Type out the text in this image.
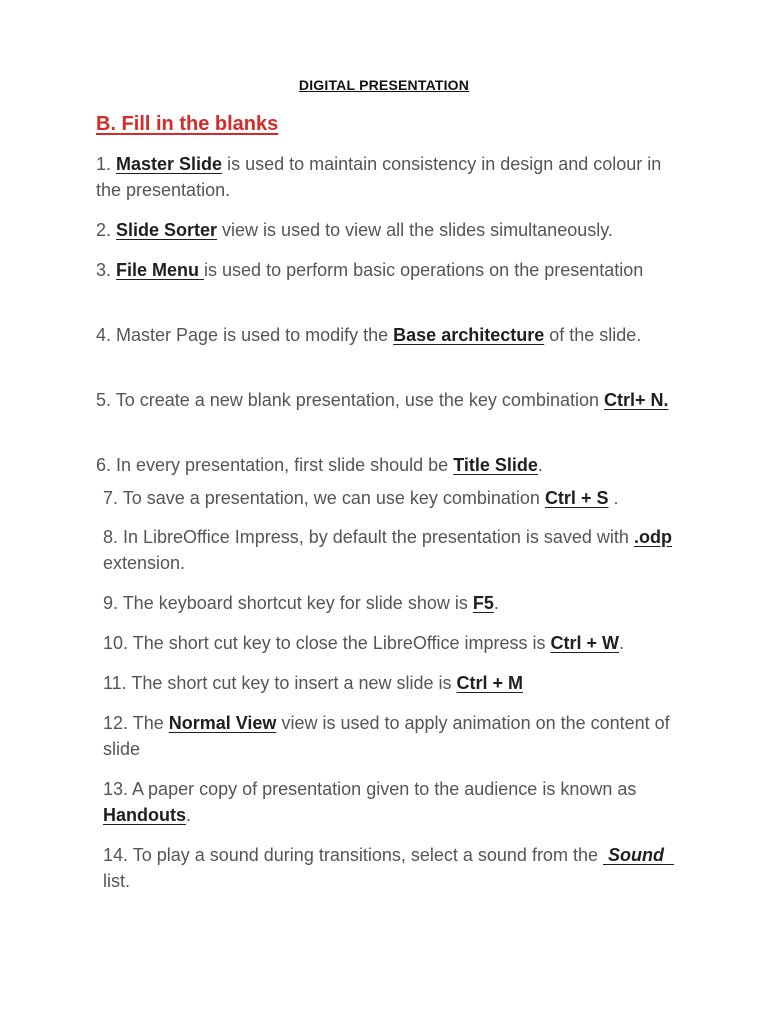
DIGITAL PRESENTATION
B. Fill in the blanks
1. Master Slide is used to maintain consistency in design and colour in the presentation.
2. Slide Sorter view is used to view all the slides simultaneously.
3. File Menu is used to perform basic operations on the presentation
4. Master Page is used to modify the Base architecture of the slide.
5. To create a new blank presentation, use the key combination Ctrl+ N.
6. In every presentation, first slide should be Title Slide.
7. To save a presentation, we can use key combination Ctrl + S .
8. In LibreOffice Impress, by default the presentation is saved with .odp extension.
9. The keyboard shortcut key for slide show is F5.
10. The short cut key to close the LibreOffice impress is Ctrl + W.
11. The short cut key to insert a new slide is Ctrl + M
12. The Normal View view is used to apply animation on the content of slide
13. A paper copy of presentation given to the audience is known as Handouts.
14. To play a sound during transitions, select a sound from the  Sound   list.
